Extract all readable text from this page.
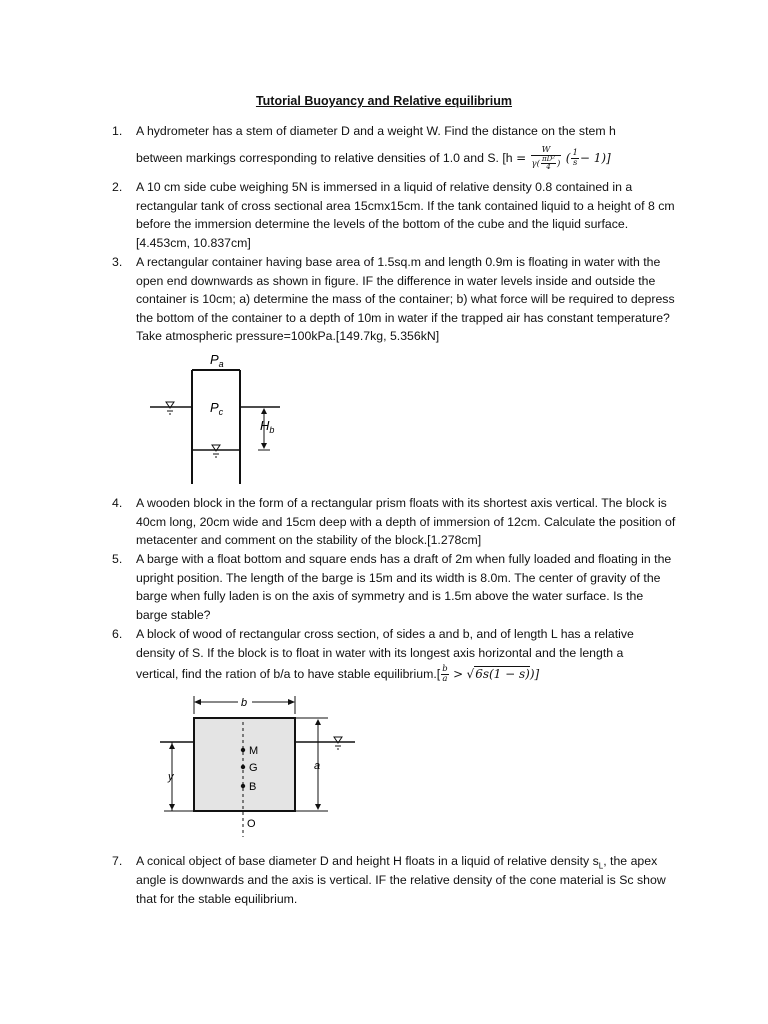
Tutorial Buoyancy and Relative equilibrium
1. A hydrometer has a stem of diameter D and a weight W. Find the distance on the stem h
between markings corresponding to relative densities of 1.0 and S. [$h = \frac{W}{\gamma( \frac{\text{πD²}}{4} )}$ ( $\frac{1}{s} - 1$)]
2. A 10 cm side cube weighing 5N is immersed in a liquid of relative density 0.8 contained in a rectangular tank of cross sectional area 15cmx15cm. If the tank contained liquid to a height of 8 cm before the immersion determine the levels of the bottom of the cube and the liquid surface.[4.453cm, 10.837cm]
3. A rectangular container having base area of 1.5sq.m and length 0.9m is floating in water with the open end downwards as shown in figure. IF the difference in water levels inside and outside the container is 10cm; a) determine the mass of the container; b) what force will be required to depress the bottom of the container to a depth of 10m in water if the trapped air has constant temperature? Take atmospheric pressure=100kPa.[149.7kg, 5.356kN]
$P_a$
$P_c$
$H_b$
4. A wooden block in the form of a rectangular prism floats with its shortest axis vertical. The block is 40cm long, 20cm wide and 15cm deep with a depth of immersion of 12cm. Calculate the position of metacenter and comment on the stability of the block.[1.278cm]
5. A barge with a float bottom and square ends has a draft of 2m when fully loaded and floating in the upright position. The length of the barge is 15m and its width is 8.0m. The center of gravity of the barge when fully laden is on the axis of symmetry and is 1.5m above the water surface. Is the barge stable?
6. A block of wood of rectangular cross section, of sides a and b, and of length L has a relative
density of S. If the block is to float in water with its longest axis horizontal and the length a
vertical, find the ration of b/a to have stable equilibrium.[ $\frac{b}{a} > √6s(1 - s)$)]
b
y
a
M
G
B
O
7. A conical object of base diameter D and height H floats in a liquid of relative density $s_L$, the apex
angle is downwards and the axis is vertical. IF the relative density of the cone material is Sc show
that for the stable equilibrium.
